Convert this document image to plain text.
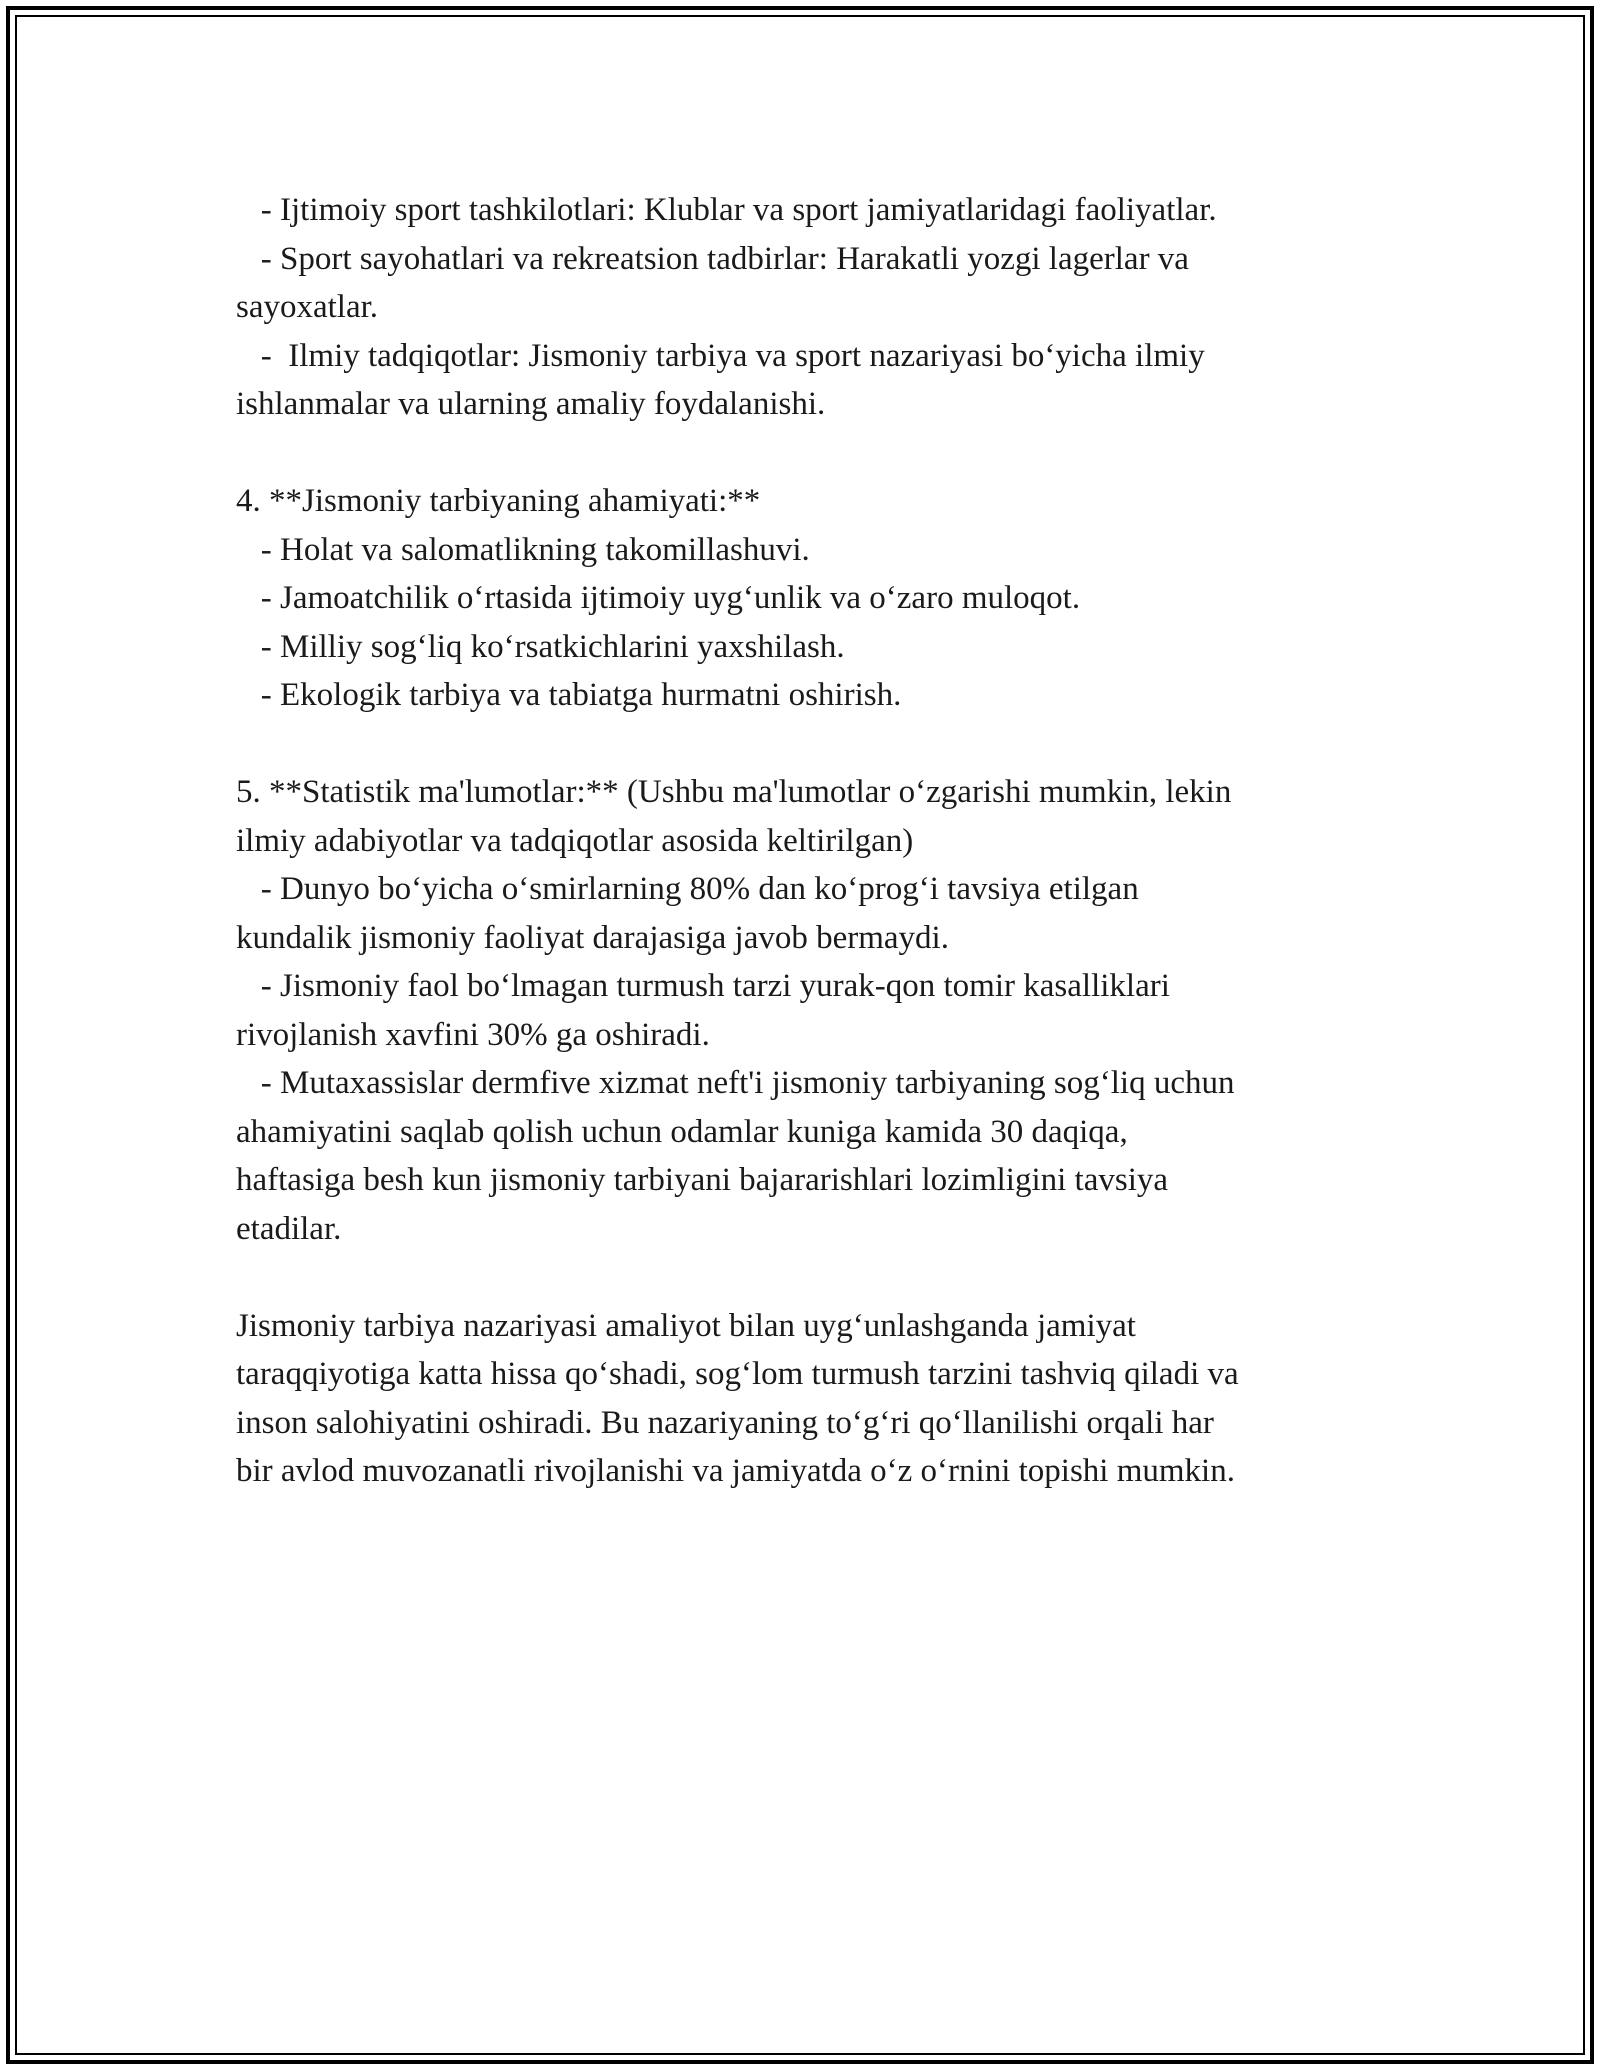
- Ijtimoiy sport tashkilotlari: Klublar va sport jamiyatlaridagi faoliyatlar.
- Sport sayohatlari va rekreatsion tadbirlar: Harakatli yozgi lagerlar va
sayoxatlar.
-  Ilmiy tadqiqotlar: Jismoniy tarbiya va sport nazariyasi bo‘yicha ilmiy
ishlanmalar va ularning amaliy foydalanishi.
4. **Jismoniy tarbiyaning ahamiyati:**
- Holat va salomatlikning takomillashuvi.
- Jamoatchilik o‘rtasida ijtimoiy uyg‘unlik va o‘zaro muloqot.
- Milliy sog‘liq ko‘rsatkichlarini yaxshilash.
- Ekologik tarbiya va tabiatga hurmatni oshirish.
5. **Statistik ma'lumotlar:** (Ushbu ma'lumotlar o‘zgarishi mumkin, lekin
ilmiy adabiyotlar va tadqiqotlar asosida keltirilgan)
- Dunyo bo‘yicha o‘smirlarning 80% dan ko‘prog‘i tavsiya etilgan
kundalik jismoniy faoliyat darajasiga javob bermaydi.
- Jismoniy faol bo‘lmagan turmush tarzi yurak-qon tomir kasalliklari
rivojlanish xavfini 30% ga oshiradi.
- Mutaxassislar dermfive xizmat neft'i jismoniy tarbiyaning sog‘liq uchun
ahamiyatini saqlab qolish uchun odamlar kuniga kamida 30 daqiqa,
haftasiga besh kun jismoniy tarbiyani bajararishlari lozimligini tavsiya
etadilar.
Jismoniy tarbiya nazariyasi amaliyot bilan uyg‘unlashganda jamiyat
taraqqiyotiga katta hissa qo‘shadi, sog‘lom turmush tarzini tashviq qiladi va
inson salohiyatini oshiradi. Bu nazariyaning to‘g‘ri qo‘llanilishi orqali har
bir avlod muvozanatli rivojlanishi va jamiyatda o‘z o‘rnini topishi mumkin.
